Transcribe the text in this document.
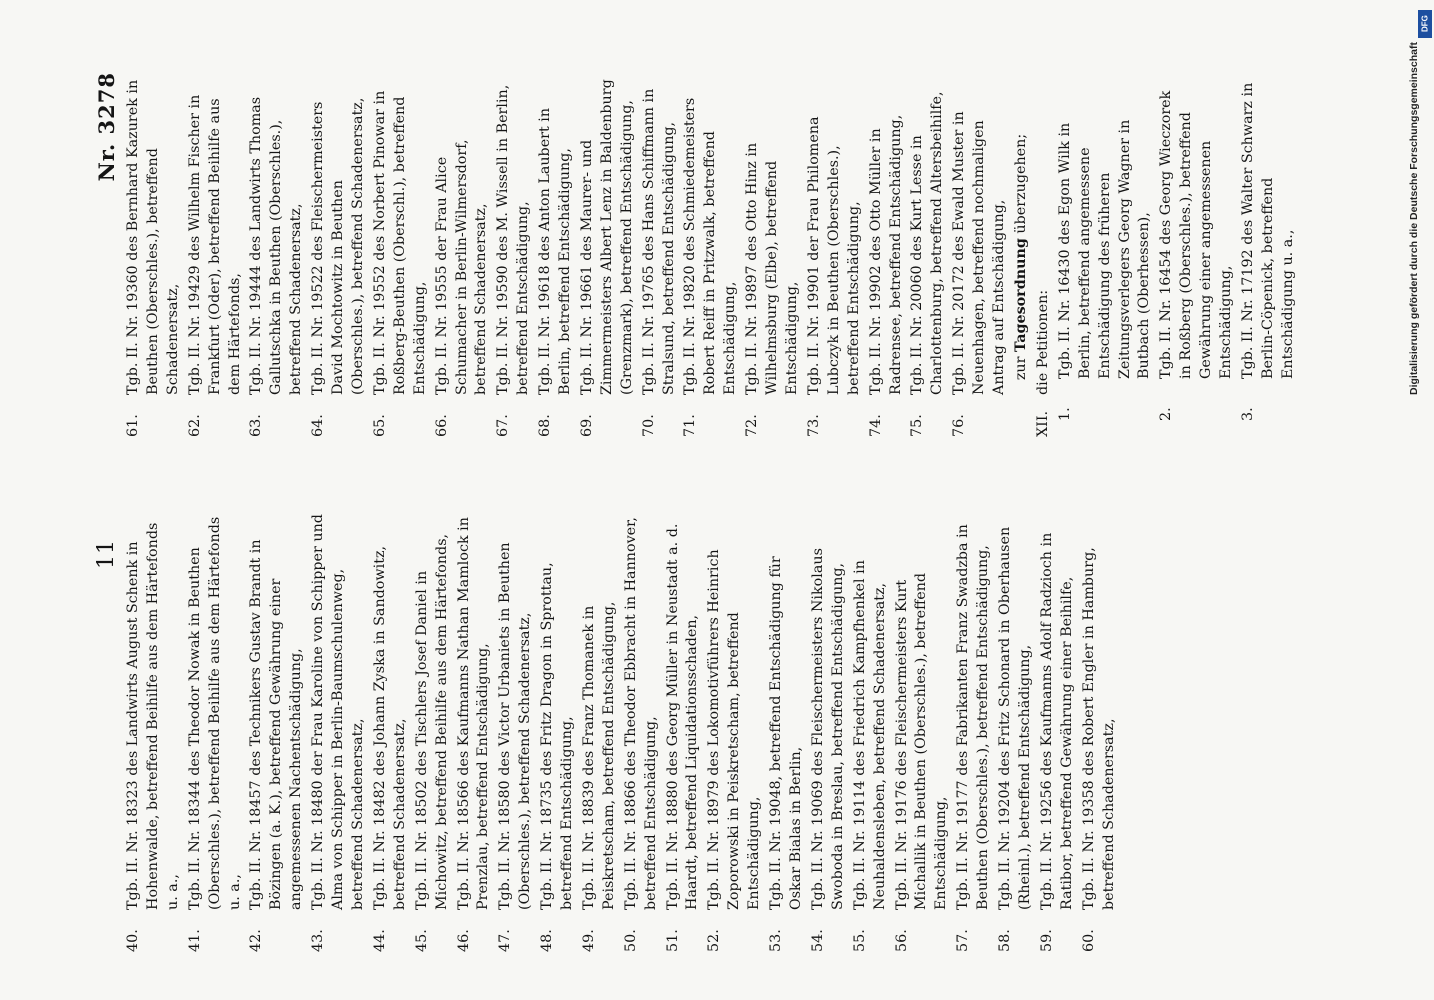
11
Nr. 3278
40.
Tgb. II. Nr. 18323 des Landwirts August Schenk in Hohenwalde, betreffend Beihilfe aus dem Härtefonds u. a.,
41.
Tgb. II. Nr. 18344 des Theodor Nowak in Beuthen (Oberschles.), betreffend Beihilfe aus dem Härtefonds u. a.,
42.
Tgb. II. Nr. 18457 des Technikers Gustav Brandt in Bözingen (a. K.), betreffend Gewährung einer angemessenen Nachentschädigung,
43.
Tgb. II. Nr. 18480 der Frau Karoline von Schipper und Alma von Schipper in Berlin-Baumschulenweg, betreffend Schadenersatz,
44.
Tgb. II. Nr. 18482 des Johann Zyska in Sandowitz, betreffend Schadenersatz,
45.
Tgb. II. Nr. 18502 des Tischlers Josef Daniel in Michowitz, betreffend Beihilfe aus dem Härtefonds,
46.
Tgb. II. Nr. 18566 des Kaufmanns Nathan Mamlock in Prenzlau, betreffend Entschädigung,
47.
Tgb. II. Nr. 18580 des Victor Urbaniets in Beuthen (Oberschles.), betreffend Schadenersatz,
48.
Tgb. II. Nr. 18735 des Fritz Dragon in Sprottau, betreffend Entschädigung,
49.
Tgb. II. Nr. 18839 des Franz Thomanek in Peiskretscham, betreffend Entschädigung,
50.
Tgb. II. Nr. 18866 des Theodor Ebbracht in Hannover, betreffend Entschädigung,
51.
Tgb. II. Nr. 18880 des Georg Müller in Neustadt a. d. Haardt, betreffend Liquidationsschaden,
52.
Tgb. II. Nr. 18979 des Lokomotivführers Heinrich Zoporowski in Peiskretscham, betreffend Entschädigung,
53.
Tgb. II. Nr. 19048, betreffend Entschädigung für Oskar Bialas in Berlin,
54.
Tgb. II. Nr. 19069 des Fleischermeisters Nikolaus Swoboda in Breslau, betreffend Entschädigung,
55.
Tgb. II. Nr. 19114 des Friedrich Kampfhenkel in Neuhaldensleben, betreffend Schadenersatz,
56.
Tgb. II. Nr. 19176 des Fleischermeisters Kurt Michallik in Beuthen (Oberschles.), betreffend Entschädigung,
57.
Tgb. II. Nr. 19177 des Fabrikanten Franz Swadzba in Beuthen (Oberschles.), betreffend Entschädigung,
58.
Tgb. II. Nr. 19204 des Fritz Schonard in Oberhausen (Rheinl.), betreffend Entschädigung,
59.
Tgb. II. Nr. 19256 des Kaufmanns Adolf Radzioch in Ratibor, betreffend Gewährung einer Beihilfe,
60.
Tgb. II. Nr. 19358 des Robert Engler in Hamburg, betreffend Schadenersatz,
61.
Tgb. II. Nr. 19360 des Bernhard Kazurek in Beuthen (Oberschles.), betreffend Schadenersatz,
62.
Tgb. II. Nr. 19429 des Wilhelm Fischer in Frankfurt (Oder), betreffend Beihilfe aus dem Härtefonds,
63.
Tgb. II. Nr. 19444 des Landwirts Thomas Gallutschka in Beuthen (Oberschles.), betreffend Schadenersatz,
64.
Tgb. II. Nr. 19522 des Fleischermeisters David Mochtowitz in Beuthen (Oberschles.), betreffend Schadenersatz,
65.
Tgb. II. Nr. 19552 des Norbert Pinowar in Roßberg-Beuthen (Oberschl.), betreffend Entschädigung,
66.
Tgb. II. Nr. 19555 der Frau Alice Schumacher in Berlin-Wilmersdorf, betreffend Schadenersatz,
67.
Tgb. II. Nr. 19590 des M. Wissell in Berlin, betreffend Entschädigung,
68.
Tgb. II. Nr. 19618 des Anton Laubert in Berlin, betreffend Entschädigung,
69.
Tgb. II. Nr. 19661 des Maurer- und Zimmermeisters Albert Lenz in Baldenburg (Grenzmark), betreffend Entschädigung,
70.
Tgb. II. Nr. 19765 des Hans Schiffmann in Stralsund, betreffend Entschädigung,
71.
Tgb. II. Nr. 19820 des Schmiedemeisters Robert Reiff in Pritzwalk, betreffend Entschädigung,
72.
Tgb. II. Nr. 19897 des Otto Hinz in Wilhelmsburg (Elbe), betreffend Entschädigung,
73.
Tgb. II. Nr. 19901 der Frau Philomena Lubczyk in Beuthen (Oberschles.), betreffend Entschädigung,
74.
Tgb. II. Nr. 19902 des Otto Müller in Radrensee, betreffend Entschädigung,
75.
Tgb. II. Nr. 20060 des Kurt Lesse in Charlottenburg, betreffend Altersbeihilfe,
76.
Tgb. II. Nr. 20172 des Ewald Muster in Neuenhagen, betreffend nochmaligen Antrag auf Entschädigung, zur Tagesordnung überzugehen;
XII.
die Petitionen:
1.
Tgb. II. Nr. 16430 des Egon Wilk in Berlin, betreffend angemessene Entschädigung des früheren Zeitungsverlegers Georg Wagner in Butbach (Oberhessen),
2.
Tgb. II. Nr. 16454 des Georg Wieczorek in Roßberg (Oberschles.), betreffend Gewährung einer angemessenen Entschädigung,
3.
Tgb. II. Nr. 17192 des Walter Schwarz in Berlin-Cöpenick, betreffend Entschädigung u. a.,
DFG
Digitalisierung gefördert durch die Deutsche Forschungsgemeinschaft
